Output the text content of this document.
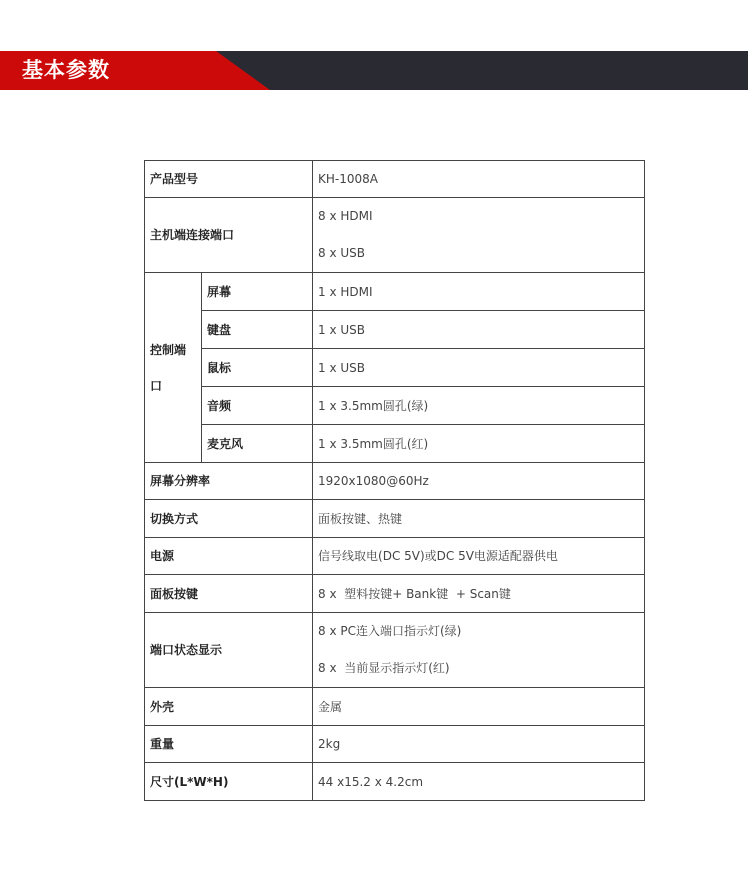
基本参数
产品型号		KH-1008A
主机端连接端口		8 x HDMI
8 x USB

控制端口	屏幕	1 x HDMI
	键盘	1 x USB
	鼠标	1 x USB
	音频	1 x 3.5mm圆孔(绿)
	麦克风	1 x 3.5mm圆孔(红)
屏幕分辨率		1920x1080@60Hz
切换方式		面板按键、热键
电源		信号线取电(DC 5V)或DC 5V电源适配器供电
面板按键		8 x  塑料按键+ Bank键  + Scan键
端口状态显示		8 x PC连入端口指示灯(绿)
8 x  当前显示指示灯(红)

外壳		金属
重量		2kg
尺寸(L*W*H)		44 x15.2 x 4.2cm
